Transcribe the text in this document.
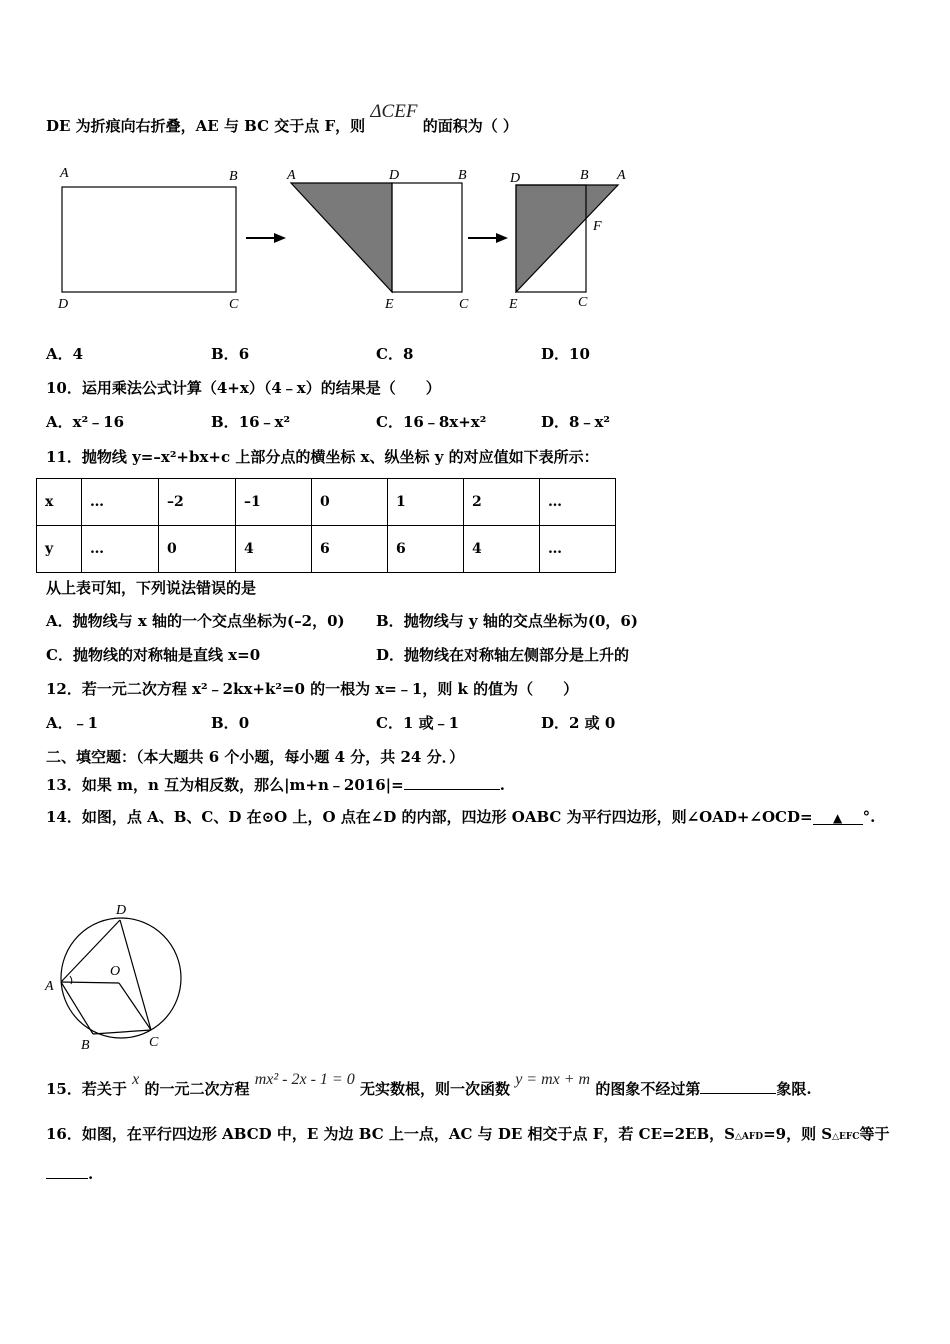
DE 为折痕向右折叠，AE 与 BC 交于点 F，则 ΔCEF 的面积为（ ）
A	B
C
D
A	D	B
E	C
D	B A
F
E	C
A．4	B．6	C．8	D．10
10．运用乘法公式计算（4+x）（4﹣x）的结果是（　　）
A．x²﹣16	B．16﹣x²	C．16﹣8x+x²	D．8﹣x²
11．抛物线 y=–x²+bx+c 上部分点的横坐标 x、纵坐标 y 的对应值如下表所示：
x	…	–2	–1	0	1	2	…
y	…	0	4	6	6	4	…
从上表可知，下列说法错误的是
A．抛物线与 x 轴的一个交点坐标为(–2，0) B．抛物线与 y 轴的交点坐标为(0，6)
C．抛物线的对称轴是直线 x=0	D．抛物线在对称轴左侧部分是上升的
12．若一元二次方程 x²﹣2kx+k²=0 的一根为 x=﹣1，则 k 的值为（　　）
A．﹣1	B．0	C．1 或﹣1	D．2 或 0
二、填空题：（本大题共 6 个小题，每小题 4 分，共 24 分．）
13．如果 m，n 互为相反数，那么|m+n﹣2016|=	.
14．如图，点 A、B、C、D 在⊙O 上，O 点在∠D 的内部，四边形 OABC 为平行四边形，则∠OAD+∠OCD= ▲ °.
D
O
A
B	C
15．若关于 x 的一元二次方程 mx² - 2x - 1 = 0 无实数根，则一次函数 y = mx + m 的图象不经过第	象限.
16．如图，在平行四边形 ABCD 中，E 为边 BC 上一点，AC 与 DE 相交于点 F，若 CE=2EB，S△AFD=9，则 S△EFC等于
.
